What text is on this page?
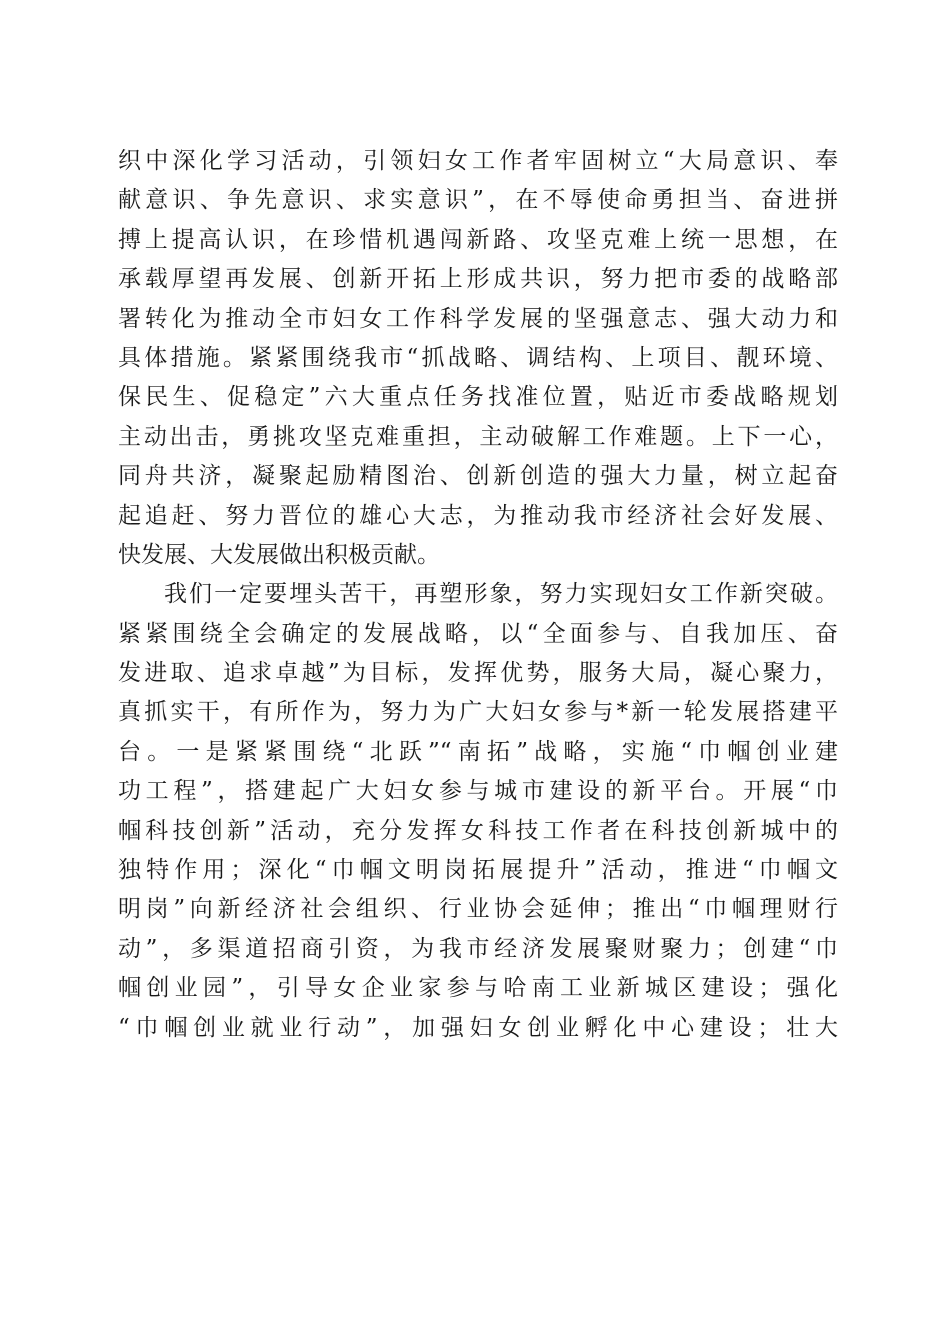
织中深化学习活动，引领妇女工作者牢固树立“大局意识、奉
献意识、争先意识、求实意识”，在不辱使命勇担当、奋进拼
搏上提高认识，在珍惜机遇闯新路、攻坚克难上统一思想，在
承载厚望再发展、创新开拓上形成共识，努力把市委的战略部
署转化为推动全市妇女工作科学发展的坚强意志、强大动力和
具体措施。紧紧围绕我市“抓战略、调结构、上项目、靓环境、
保民生、促稳定”六大重点任务找准位置，贴近市委战略规划
主动出击，勇挑攻坚克难重担，主动破解工作难题。上下一心，
同舟共济，凝聚起励精图治、创新创造的强大力量，树立起奋
起追赶、努力晋位的雄心大志，为推动我市经济社会好发展、
快发展、大发展做出积极贡献。
我们一定要埋头苦干，再塑形象，努力实现妇女工作新突破。
紧紧围绕全会确定的发展战略，以“全面参与、自我加压、奋
发进取、追求卓越”为目标，发挥优势，服务大局，凝心聚力，
真抓实干，有所作为，努力为广大妇女参与*新一轮发展搭建平
台。一是紧紧围绕“北跃”“南拓”战略，实施“巾帼创业建
功工程”，搭建起广大妇女参与城市建设的新平台。开展“巾
帼科技创新”活动，充分发挥女科技工作者在科技创新城中的
独特作用；深化“巾帼文明岗拓展提升”活动，推进“巾帼文
明岗”向新经济社会组织、行业协会延伸；推出“巾帼理财行
动”，多渠道招商引资，为我市经济发展聚财聚力；创建“巾
帼创业园”，引导女企业家参与哈南工业新城区建设；强化
“巾帼创业就业行动”，加强妇女创业孵化中心建设；壮大
